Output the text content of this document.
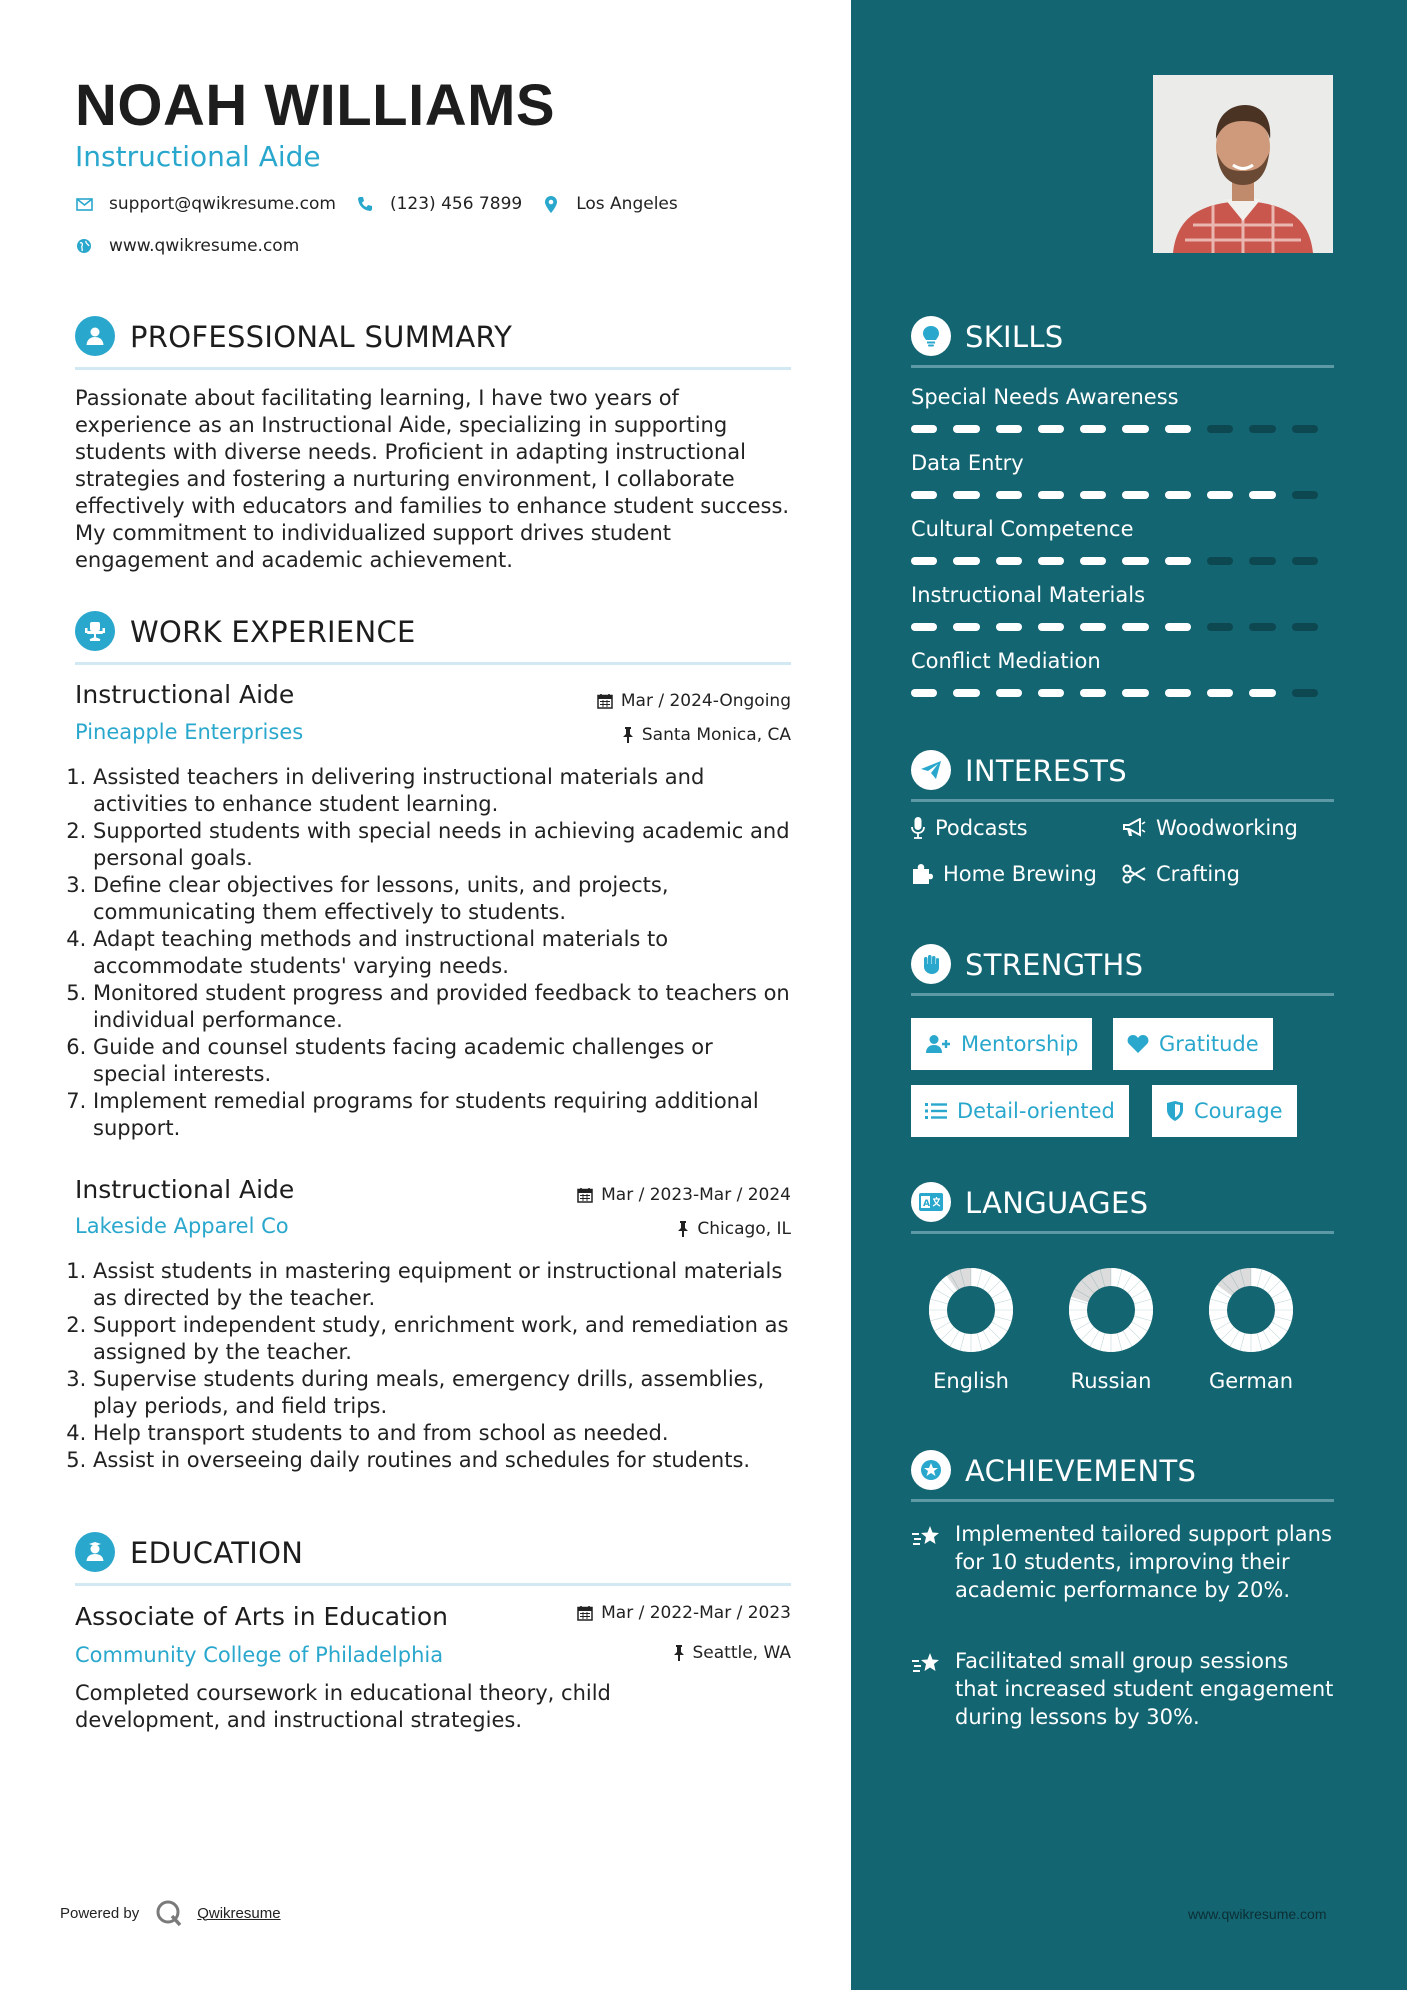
NOAH WILLIAMS
Instructional Aide
support@qwikresume.com	(123) 456 7899	Los Angeles
www.qwikresume.com
PROFESSIONAL SUMMARY
Passionate about facilitating learning, I have two years of experience as an Instructional Aide, specializing in supporting students with diverse needs. Proficient in adapting instructional strategies and fostering a nurturing environment, I collaborate effectively with educators and families to enhance student success. My commitment to individualized support drives student engagement and academic achievement.
WORK EXPERIENCE
Instructional Aide	Mar / 2024-Ongoing
Pineapple Enterprises	Santa Monica, CA
1. Assisted teachers in delivering instructional materials and activities to enhance student learning.
2. Supported students with special needs in achieving academic and personal goals.
3. Define clear objectives for lessons, units, and projects, communicating them effectively to students.
4. Adapt teaching methods and instructional materials to accommodate students' varying needs.
5. Monitored student progress and provided feedback to teachers on individual performance.
6. Guide and counsel students facing academic challenges or special interests.
7. Implement remedial programs for students requiring additional support.
Instructional Aide	Mar / 2023-Mar / 2024
Lakeside Apparel Co	Chicago, IL
1. Assist students in mastering equipment or instructional materials as directed by the teacher.
2. Support independent study, enrichment work, and remediation as assigned by the teacher.
3. Supervise students during meals, emergency drills, assemblies, play periods, and field trips.
4. Help transport students to and from school as needed.
5. Assist in overseeing daily routines and schedules for students.
EDUCATION
Associate of Arts in Education	Mar / 2022-Mar / 2023
Community College of Philadelphia	Seattle, WA
Completed coursework in educational theory, child development, and instructional strategies.
Powered by	Qwikresume
SKILLS
Special Needs Awareness
Data Entry
Cultural Competence
Instructional Materials
Conflict Mediation
INTERESTS
Podcasts	Woodworking
Home Brewing	Crafting
STRENGTHS
Mentorship	Gratitude
Detail-oriented	Courage
A LANGUAGES
English	Russian	German
ACHIEVEMENTS
Implemented tailored support plans for 10 students, improving their academic performance by 20%.
Facilitated small group sessions that increased student engagement during lessons by 30%.
www.qwikresume.com
